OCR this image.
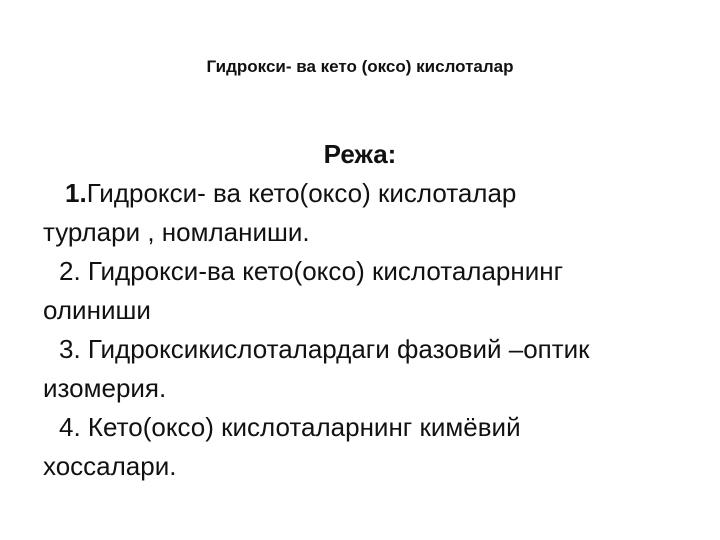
Гидрокси- ва кето (оксо) кислоталар
Режа:
1.Гидрокси- ва кето(оксо) кислоталар
турлари , номланиши.
2. Гидрокси-ва кето(оксо) кислоталарнинг
олиниши
3. Гидроксикислоталардаги фазовий –оптик
изомерия.
4. Кето(оксо) кислоталарнинг кимёвий
хоссалари.
